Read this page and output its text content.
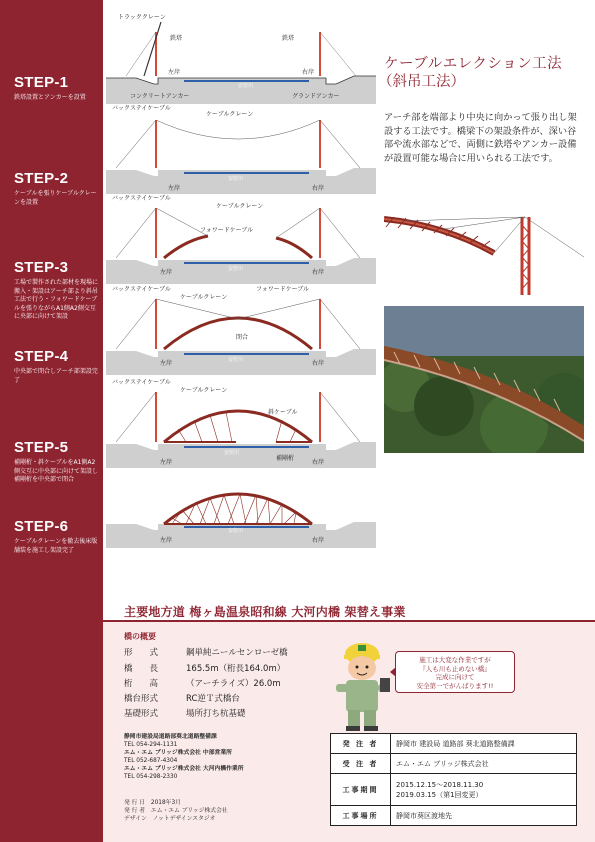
STEP-1
鉄塔設置とアンカーを設置
STEP-2
ケーブルを張りケーブルクレーンを設置
STEP-3
工場で製作された部材を現場に搬入・架設はアーチ部より斜吊工法で行う・フォワードケーブルを張りながらA1側A2側交互に央部に向けて架設
STEP-4
中央部で閉合しアーチ部架設完了
STEP-5
補剛桁・斜ケーブルをA1側A2側交互に中央部に向けて架設し補剛桁を中央部で閉合
STEP-6
ケーブルクレーンを撤去後床版舗装を施工し架設完了
トラッククレーン
鉄塔	鉄塔
左岸	右岸
安倍川
コンクリートアンカー	グランドアンカー
バックステイケーブル
ケーブルクレーン
左岸	右岸
安倍川
バックステイケーブル
ケーブルクレーン
フォワードケーブル
左岸	右岸
安倍川
バックステイケーブル
ケーブルクレーン
フォワードケーブル
閉合
左岸	右岸
安倍川
バックステイケーブル
ケーブルクレーン
斜ケーブル
左岸	右岸
安倍川
補剛桁
左岸	右岸
安倍川
ケーブルエレクション工法
（斜吊工法）
アーチ部を端部より中央に向かって張り出し架設する工法です。橋梁下の架設条件が、深い谷部や流水部などで、両側に鉄塔やアンカー設備が設置可能な場合に用いられる工法です。
主要地方道 梅ヶ島温泉昭和線 大河内橋 架替え事業
橋の概要
形　　式	鋼単純ニールセンローゼ橋
橋　　長	165.5m（桁長164.0m）
桁　　高	（アーチライズ）26.0m
橋台形式	RC逆Ｔ式橋台
基礎形式	場所打ち杭基礎
静岡市建設局道路部葵北道路整備課
TEL 054-294-1131
エム・エム ブリッジ株式会社 中部営業所
TEL 052-687-4304
エム・エム ブリッジ株式会社 大河内橋作業所
TEL 054-298-2330
発 行 日　 2018年3月
発 行 者　 エム・エム ブリッジ株式会社
デザイン　 ノットデザインスタジオ
施工は大変な作業ですが
『人も川も止めない橋』
完成に向けて
安全第一でがんばります!!
発 注 者	静岡市 建設局 道路部 葵北道路整備課
受 注 者	エム・エム ブリッジ株式会社
工事期間	2015.12.15～2018.11.30
2019.03.15（第1回変更）

工事場所	静岡市葵区渡地先
